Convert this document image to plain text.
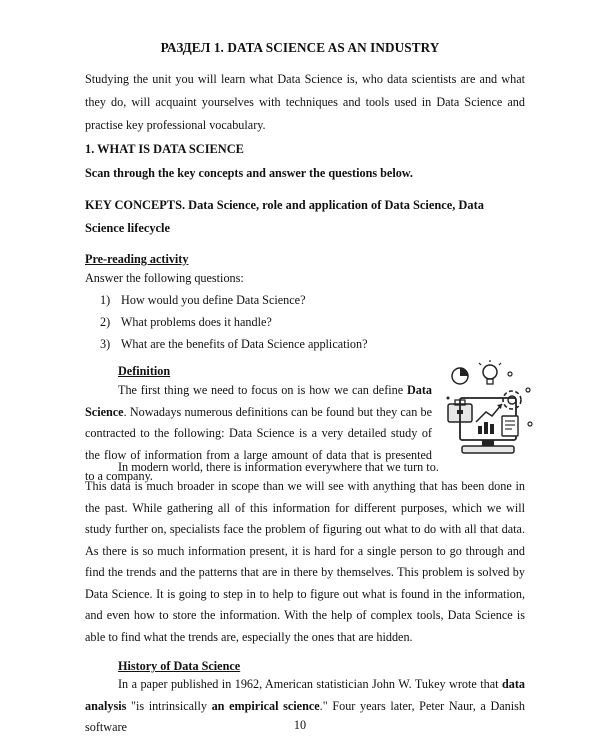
РАЗДЕЛ 1. DATA SCIENCE AS AN INDUSTRY
Studying the unit you will learn what Data Science is, who data scientists are and what they do, will acquaint yourselves with techniques and tools used in Data Science and practise key professional vocabulary.
1. WHAT IS DATA SCIENCE
Scan through the key concepts and answer the questions below.
KEY CONCEPTS. Data Science, role and application of Data Science, Data Science lifecycle
Pre-reading activity
Answer the following questions:
1) How would you define Data Science?
2) What problems does it handle?
3) What are the benefits of Data Science application?
Definition
The first thing we need to focus on is how we can define Data Science. Nowadays numerous definitions can be found but they can be contracted to the following: Data Science is a very detailed study of the flow of information from a large amount of data that is presented to a company.
In modern world, there is information everywhere that we turn to.
This data is much broader in scope than we will see with anything that has been done in the past. While gathering all of this information for different purposes, which we will study further on, specialists face the problem of figuring out what to do with all that data. As there is so much information present, it is hard for a single person to go through and find the trends and the patterns that are in there by themselves. This problem is solved by Data Science. It is going to step in to help to figure out what is found in the information, and even how to store the information. With the help of complex tools, Data Science is able to find what the trends are, especially the ones that are hidden.
History of Data Science
In a paper published in 1962, American statistician John W. Tukey wrote that data analysis "is intrinsically an empirical science." Four years later, Peter Naur, a Danish software	10
